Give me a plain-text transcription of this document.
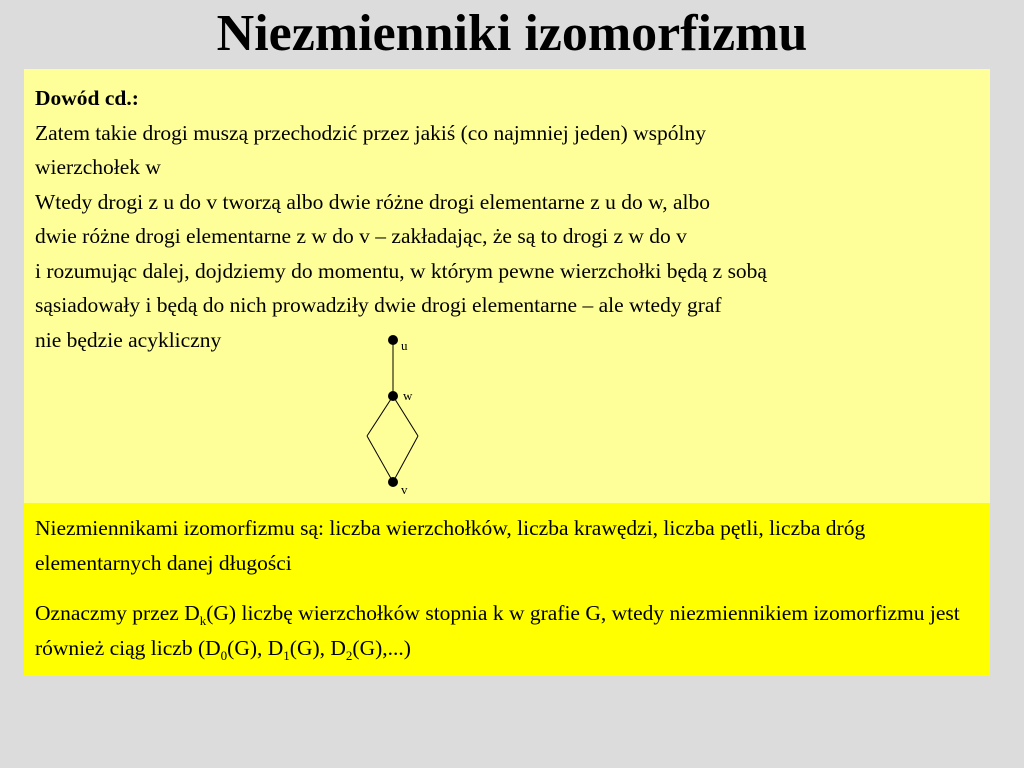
Niezmienniki izomorfizmu
Dowód cd.:
Zatem takie drogi muszą przechodzić przez jakiś (co najmniej jeden) wspólny
wierzchołek w
Wtedy drogi z u do v tworzą albo dwie różne drogi elementarne z u do w, albo
dwie różne drogi elementarne z w do v – zakładając, że są to drogi z w do v
i rozumując dalej, dojdziemy do momentu, w którym pewne wierzchołki będą z sobą
sąsiadowały i będą do nich prowadziły dwie drogi elementarne – ale wtedy graf
nie będzie acykliczny	u
w
v

Niezmiennikami izomorfizmu są: liczba wierzchołków, liczba krawędzi, liczba pętli, liczba dróg elementarnych danej długości

Oznaczmy przez $D_k(G)$ liczbę wierzchołków stopnia k w grafie G, wtedy niezmiennikiem izomorfizmu jest również ciąg liczb ($D_0(G)$, $D_1(G)$, $D_2(G)$,...)
